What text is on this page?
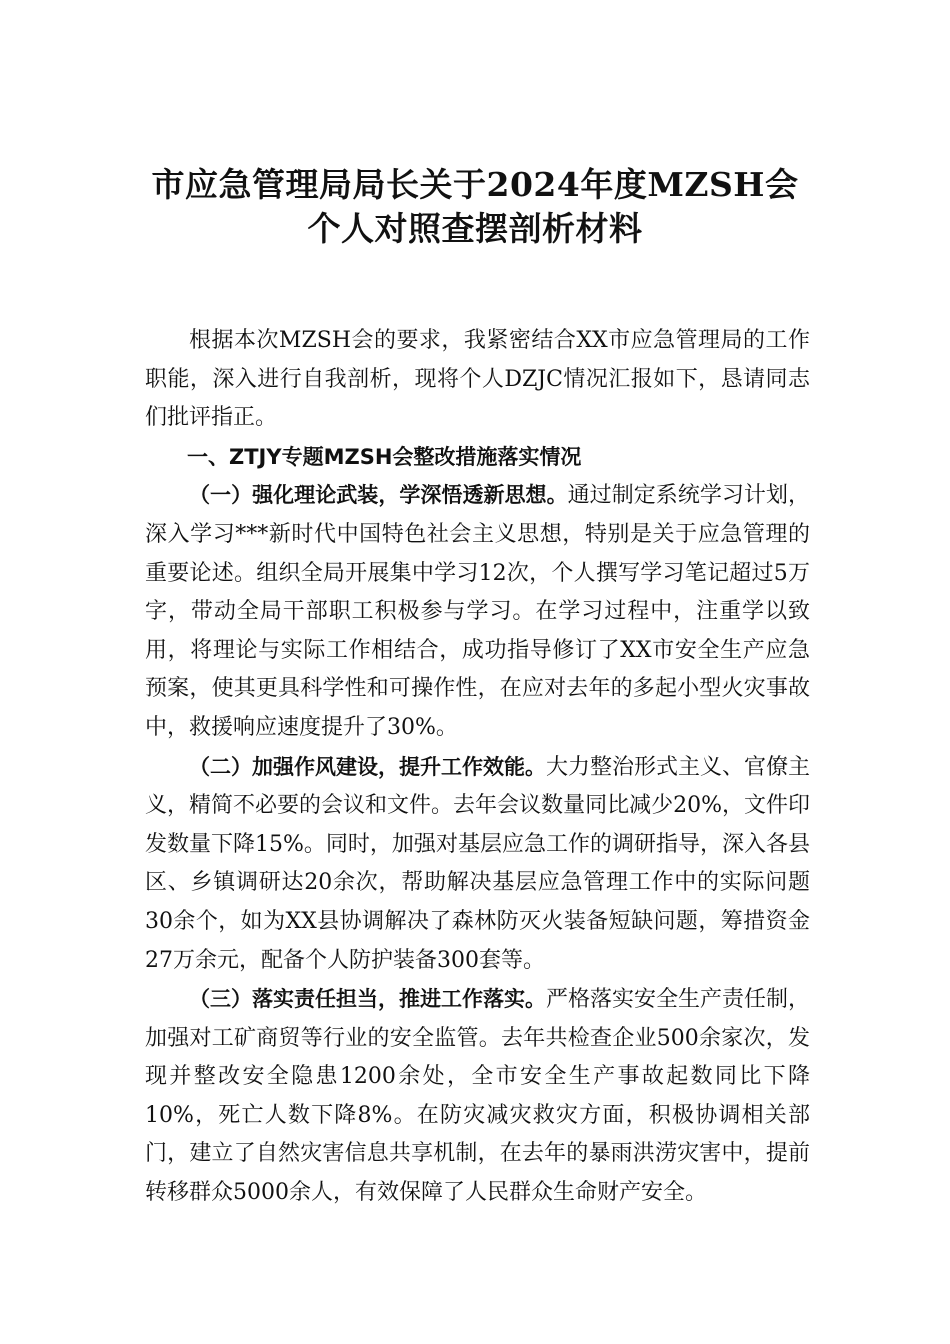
市应急管理局局长关于2024年度MZSH会
个人对照查摆剖析材料

根据本次MZSH会的要求，我紧密结合XX市应急管理局的工作职能，深入进行自我剖析，现将个人DZJC情况汇报如下，恳请同志们批评指正。

一、ZTJY专题MZSH会整改措施落实情况

（一）强化理论武装，学深悟透新思想。通过制定系统学习计划，深入学习***新时代中国特色社会主义思想，特别是关于应急管理的重要论述。组织全局开展集中学习12次，个人撰写学习笔记超过5万字，带动全局干部职工积极参与学习。在学习过程中，注重学以致用，将理论与实际工作相结合，成功指导修订了XX市安全生产应急预案，使其更具科学性和可操作性，在应对去年的多起小型火灾事故中，救援响应速度提升了30%。

（二）加强作风建设，提升工作效能。大力整治形式主义、官僚主义，精简不必要的会议和文件。去年会议数量同比减少20%，文件印发数量下降15%。同时，加强对基层应急工作的调研指导，深入各县区、乡镇调研达20余次，帮助解决基层应急管理工作中的实际问题30余个，如为XX县协调解决了森林防灭火装备短缺问题，筹措资金27万余元，配备个人防护装备300套等。

（三）落实责任担当，推进工作落实。严格落实安全生产责任制，加强对工矿商贸等行业的安全监管。去年共检查企业500余家次，发现并整改安全隐患1200余处，全市安全生产事故起数同比下降10%，死亡人数下降8%。在防灾减灾救灾方面，积极协调相关部门，建立了自然灾害信息共享机制，在去年的暴雨洪涝灾害中，提前转移群众5000余人，有效保障了人民群众生命财产安全。
